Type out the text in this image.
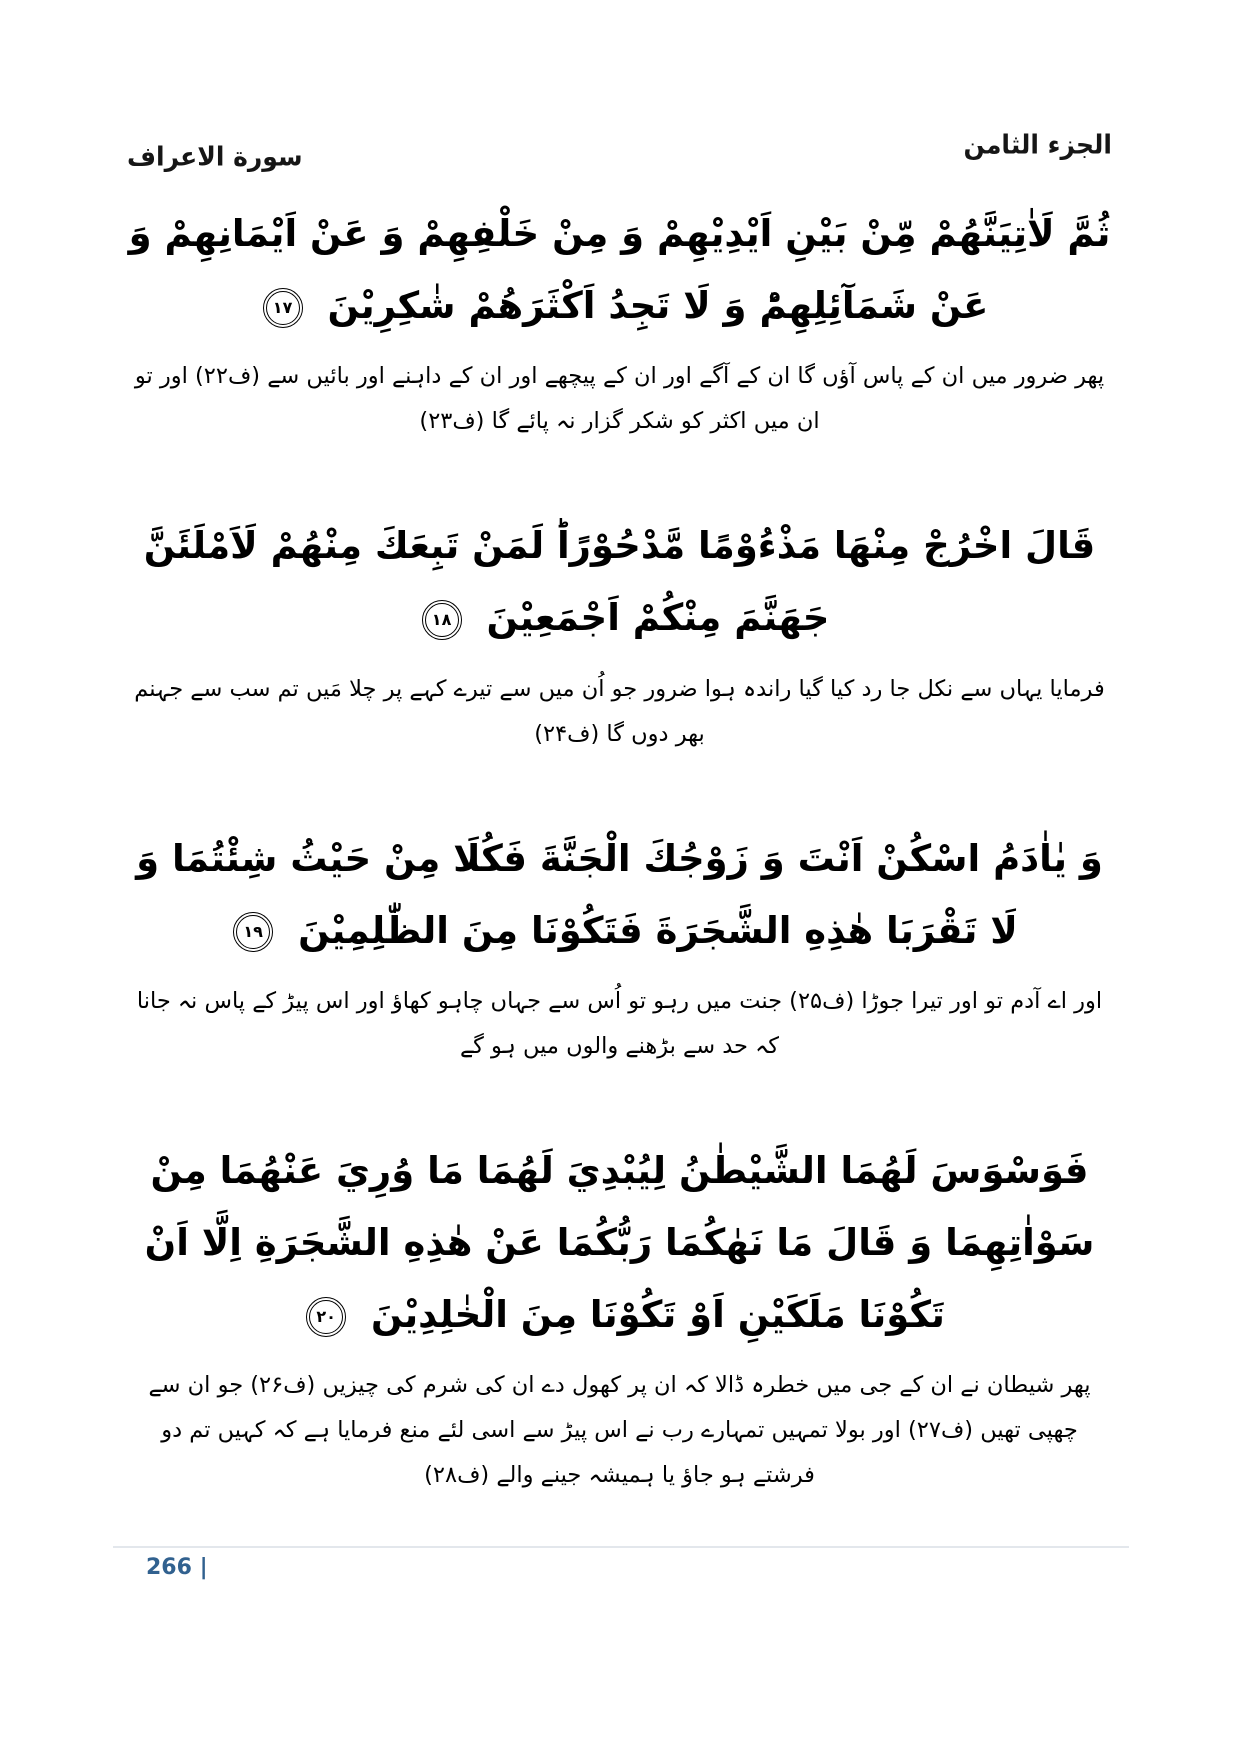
سورة الاعراف	الجزء الثامن
ثُمَّ لَاٰتِيَنَّهُمْ مِّنْ بَيْنِ اَيْدِيْهِمْ وَ مِنْ خَلْفِهِمْ وَ عَنْ اَيْمَانِهِمْ وَ عَنْ شَمَآئِلِهِمْؕ وَ لَا تَجِدُ اَكْثَرَهُمْ شٰكِرِيْنَ ١٧
پھر ضرور میں ان کے پاس آؤں گا ان کے آگے اور ان کے پیچھے اور ان کے داہنے اور بائیں سے (ف۲۲) اور تو ان میں اکثر کو شکر گزار نہ پائے گا (ف۲۳)
قَالَ اخْرُجْ مِنْهَا مَذْءُوْمًا مَّدْحُوْرًاؕ لَمَنْ تَبِعَكَ مِنْهُمْ لَاَمْلَئَنَّ جَهَنَّمَ مِنْكُمْ اَجْمَعِيْنَ ١٨
فرمایا یہاں سے نکل جا رد کیا گیا راندہ ہوا ضرور جو اُن میں سے تیرے کہے پر چلا مَیں تم سب سے جہنم بھر دوں گا (ف۲۴)
وَ يٰاٰدَمُ اسْكُنْ اَنْتَ وَ زَوْجُكَ الْجَنَّةَ فَكُلَا مِنْ حَيْثُ شِئْتُمَا وَ لَا تَقْرَبَا هٰذِهِ الشَّجَرَةَ فَتَكُوْنَا مِنَ الظّٰلِمِيْنَ ١٩
اور اے آدم تو اور تیرا جوڑا (ف۲۵) جنت میں رہو تو اُس سے جہاں چاہو کھاؤ اور اس پیڑ کے پاس نہ جانا کہ حد سے بڑھنے والوں میں ہو گے
فَوَسْوَسَ لَهُمَا الشَّيْطٰنُ لِيُبْدِيَ لَهُمَا مَا وُرِيَ عَنْهُمَا مِنْ سَوْاٰتِهِمَا وَ قَالَ مَا نَهٰكُمَا رَبُّكُمَا عَنْ هٰذِهِ الشَّجَرَةِ اِلَّا اَنْ تَكُوْنَا مَلَكَيْنِ اَوْ تَكُوْنَا مِنَ الْخٰلِدِيْنَ ٢٠
پھر شیطان نے ان کے جی میں خطرہ ڈالا کہ ان پر کھول دے ان کی شرم کی چیزیں (ف۲۶) جو ان سے چھپی تھیں (ف۲۷) اور بولا تمہیں تمہارے رب نے اس پیڑ سے اسی لئے منع فرمایا ہے کہ کہیں تم دو فرشتے ہو جاؤ یا ہمیشہ جینے والے (ف۲۸)
266 |
